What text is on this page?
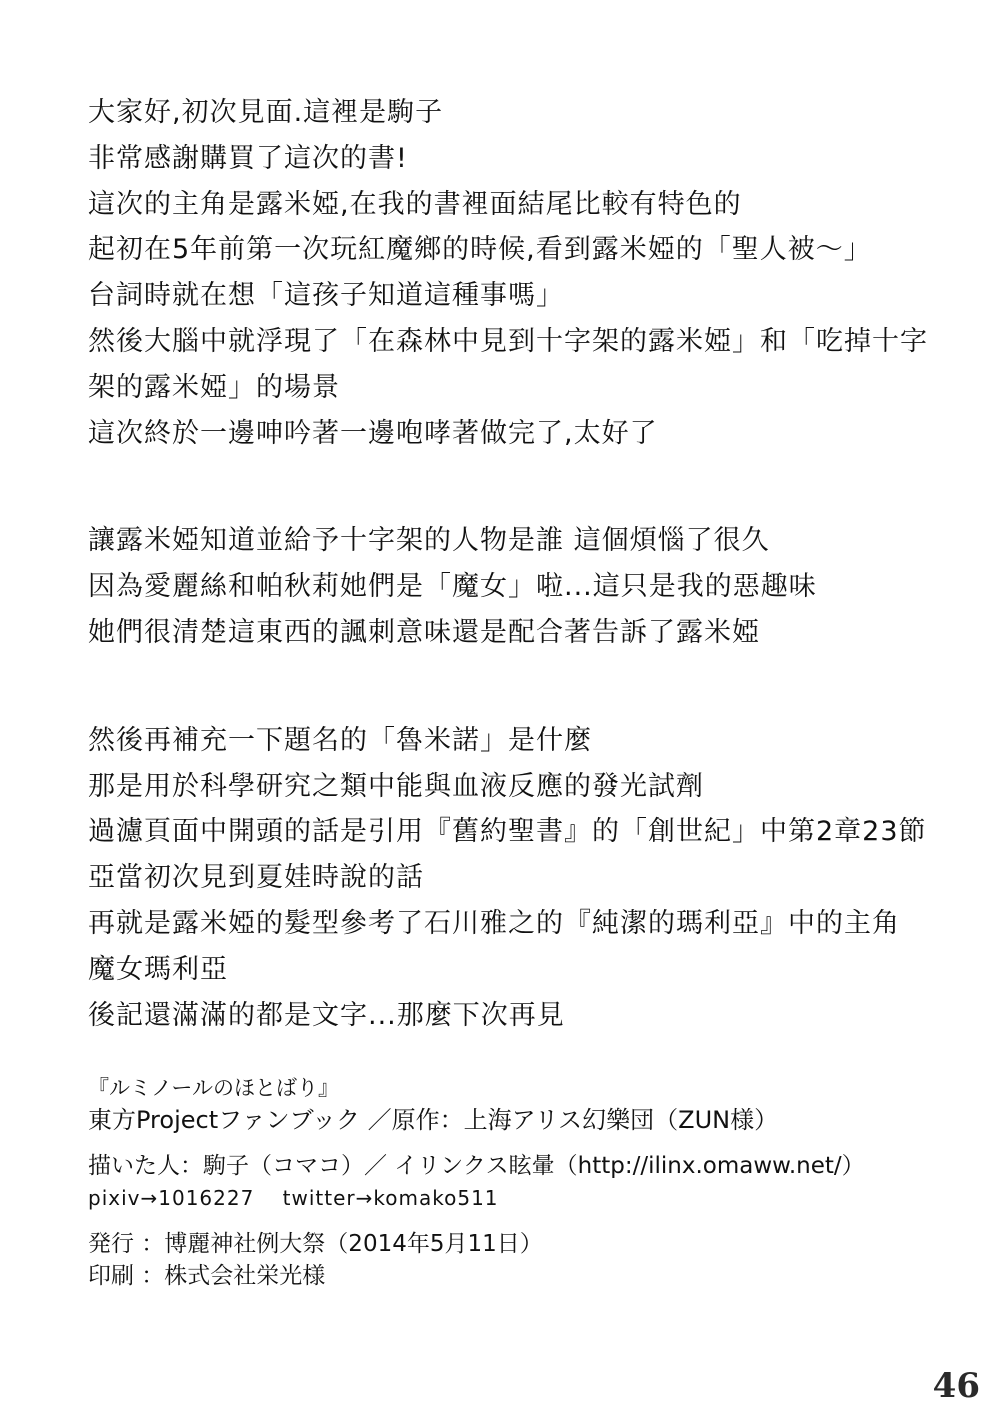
大家好,初次見面.這裡是駒子
非常感謝購買了這次的書!
這次的主角是露米婭,在我的書裡面結尾比較有特色的
起初在5年前第一次玩紅魔鄉的時候,看到露米婭的「聖人被～」
台詞時就在想「這孩子知道這種事嗎」
然後大腦中就浮現了「在森林中見到十字架的露米婭」和「吃掉十字
架的露米婭」的場景
這次終於一邊呻吟著一邊咆哮著做完了,太好了
讓露米婭知道並給予十字架的人物是誰 這個煩惱了很久
因為愛麗絲和帕秋莉她們是「魔女」啦...這只是我的惡趣味
她們很清楚這東西的諷刺意味還是配合著告訴了露米婭
然後再補充一下題名的「魯米諾」是什麼
那是用於科學研究之類中能與血液反應的發光試劑
過濾頁面中開頭的話是引用『舊約聖書』的「創世紀」中第2章23節
亞當初次見到夏娃時說的話
再就是露米婭的髮型參考了石川雅之的『純潔的瑪利亞』中的主角
魔女瑪利亞
後記還滿滿的都是文字...那麼下次再見
『ルミノールのほとばり』
東方Projectファンブック ／原作：上海アリス幻樂団（ZUN様）
描いた人：駒子（コマコ）／ イリンクス眩暈（http://ilinx.omaww.net/）
pixiv→1016227　 twitter→komako511
発行 ：博麗神社例大祭（2014年5月11日）
印刷 ：株式会社栄光様
46
